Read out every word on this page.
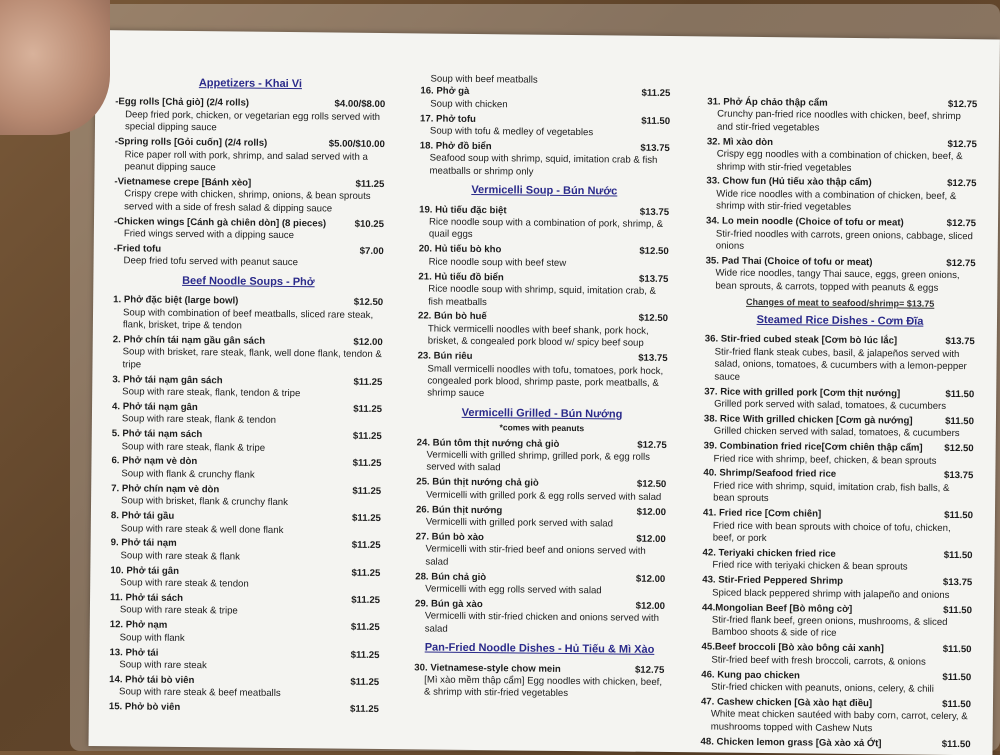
Appetizers - Khai Vi
-Egg rolls [Chả giò] (2/4 rolls)	$4.00/$8.00
Deep fried pork, chicken, or vegetarian egg rolls served with special dipping sauce
-Spring rolls [Gỏi cuốn] (2/4 rolls)	$5.00/$10.00
Rice paper roll with pork, shrimp, and salad served with a peanut dipping sauce
-Vietnamese crepe [Bánh xèo]	$11.25
Crispy crepe with chicken, shrimp, onions, & bean sprouts served with a side of fresh salad & dipping sauce
-Chicken wings [Cánh gà chiên dòn] (8 pieces)	$10.25
Fried wings served with a dipping sauce
-Fried tofu	$7.00
Deep fried tofu served with peanut sauce
Beef Noodle Soups - Phở
1. Phở đặc biệt (large bowl)	$12.50
Soup with combination of beef meatballs, sliced rare steak, flank, brisket, tripe & tendon
2. Phở chín tái nạm gầu gân sách	$12.00
Soup with brisket, rare steak, flank, well done flank, tendon & tripe
3. Phở tái nạm gân sách	$11.25
Soup with rare steak, flank, tendon & tripe
4. Phở tái nạm gân	$11.25
Soup with rare steak, flank & tendon
5. Phở tái nạm sách	$11.25
Soup with rare steak, flank & tripe
6. Phở nạm vè dòn	$11.25
Soup with flank & crunchy flank
7. Phở chín nạm vè dòn	$11.25
Soup with brisket, flank & crunchy flank
8. Phở tái gầu	$11.25
Soup with rare steak & well done flank
9. Phở tái nạm	$11.25
Soup with rare steak & flank
10. Phở tái gân	$11.25
Soup with rare steak & tendon
11. Phở tái sách	$11.25
Soup with rare steak & tripe
12. Phở nạm	$11.25
Soup with flank
13. Phở tái	$11.25
Soup with rare steak
14. Phở tái bò viên	$11.25
Soup with rare steak & beef meatballs
15. Phở bò viên	$11.25
Soup with beef meatballs
16. Phở gà	$11.25
Soup with chicken
17. Phở tofu	$11.50
Soup with tofu & medley of vegetables
18. Phở đồ biển	$13.75
Seafood soup with shrimp, squid, imitation crab & fish meatballs or shrimp only
Vermicelli Soup - Bún Nước
19. Hủ tiếu đặc biệt	$13.75
Rice noodle soup with a combination of pork, shrimp, & quail eggs
20. Hủ tiếu bò kho	$12.50
Rice noodle soup with beef stew
21. Hủ tiếu đồ biển	$13.75
Rice noodle soup with shrimp, squid, imitation crab, & fish meatballs
22. Bún bò huế	$12.50
Thick vermicelli noodles with beef shank, pork hock, brisket, & congealed pork blood w/ spicy beef soup
23. Bún riêu	$13.75
Small vermicelli noodles with tofu, tomatoes, pork hock, congealed pork blood, shrimp paste, pork meatballs, & shrimp sauce
Vermicelli Grilled - Bún Nướng
*comes with peanuts
24. Bún tôm thịt nướng chả giò	$12.75
Vermicelli with grilled shrimp, grilled pork, & egg rolls served with salad
25. Bún thịt nướng chả giò	$12.50
Vermicelli with grilled pork & egg rolls served with salad
26. Bún thịt nướng	$12.00
Vermicelli with grilled pork served with salad
27. Bún bò xào	$12.00
Vermicelli with stir-fried beef and onions served with salad
28. Bún chả giò	$12.00
Vermicelli with egg rolls served with salad
29. Bún gà xào	$12.00
Vermicelli with stir-fried chicken and onions served with salad
Pan-Fried Noodle Dishes - Hủ Tiếu & Mì Xào
30. Vietnamese-style chow mein	$12.75
[Mì xào mềm thập cẩm] Egg noodles with chicken, beef, & shrimp with stir-fried vegetables
31. Phở Áp chảo thập cẩm	$12.75
Crunchy pan-fried rice noodles with chicken, beef, shrimp and stir-fried vegetables
32. Mì xào dòn	$12.75
Crispy egg noodles with a combination of chicken, beef, & shrimp with stir-fried vegetables
33. Chow fun (Hủ tiếu xào thập cẩm)	$12.75
Wide rice noodles with a combination of chicken, beef, & shrimp with stir-fried vegetables
34. Lo mein noodle (Choice of tofu or meat)	$12.75
Stir-fried noodles with carrots, green onions, cabbage, sliced onions
35. Pad Thai (Choice of tofu or meat)	$12.75
Wide rice noodles, tangy Thai sauce, eggs, green onions, bean sprouts, & carrots, topped with peanuts & eggs
Changes of meat to seafood/shrimp= $13.75
Steamed Rice Dishes - Cơm Đĩa
36. Stir-fried cubed steak [Cơm bò lúc lắc]	$13.75
Stir-fried flank steak cubes, basil, & jalapeños served with salad, onions, tomatoes, & cucumbers with a lemon-pepper sauce
37. Rice with grilled pork [Cơm thịt nướng]	$11.50
Grilled pork served with salad, tomatoes, & cucumbers
38. Rice With grilled chicken [Cơm gà nướng]	$11.50
Grilled chicken served with salad, tomatoes, & cucumbers
39. Combination fried rice[Cơm chiên thập cẩm]	$12.50
Fried rice with shrimp, beef, chicken, & bean sprouts
40. Shrimp/Seafood fried rice	$13.75
Fried rice with shrimp, squid, imitation crab, fish balls, & bean sprouts
41. Fried rice [Cơm chiên]	$11.50
Fried rice with bean sprouts with choice of tofu, chicken, beef, or pork
42. Teriyaki chicken fried rice	$11.50
Fried rice with teriyaki chicken & bean sprouts
43. Stir-Fried Peppered Shrimp	$13.75
Spiced black peppered shrimp with jalapeño and onions
44.Mongolian Beef [Bò mông cờ]	$11.50
Stir-fried flank beef, green onions, mushrooms, & sliced Bamboo shoots & side of rice
45.Beef broccoli [Bò xào bông cải xanh]	$11.50
Stir-fried beef with fresh broccoli, carrots, & onions
46. Kung pao chicken	$11.50
Stir-fried chicken with peanuts, onions, celery, & chili
47. Cashew chicken [Gà xào hạt điều]	$11.50
White meat chicken sautéed with baby corn, carrot, celery, & mushrooms topped with Cashew Nuts
48. Chicken lemon grass [Gà xào xả Ớt]	$11.50
